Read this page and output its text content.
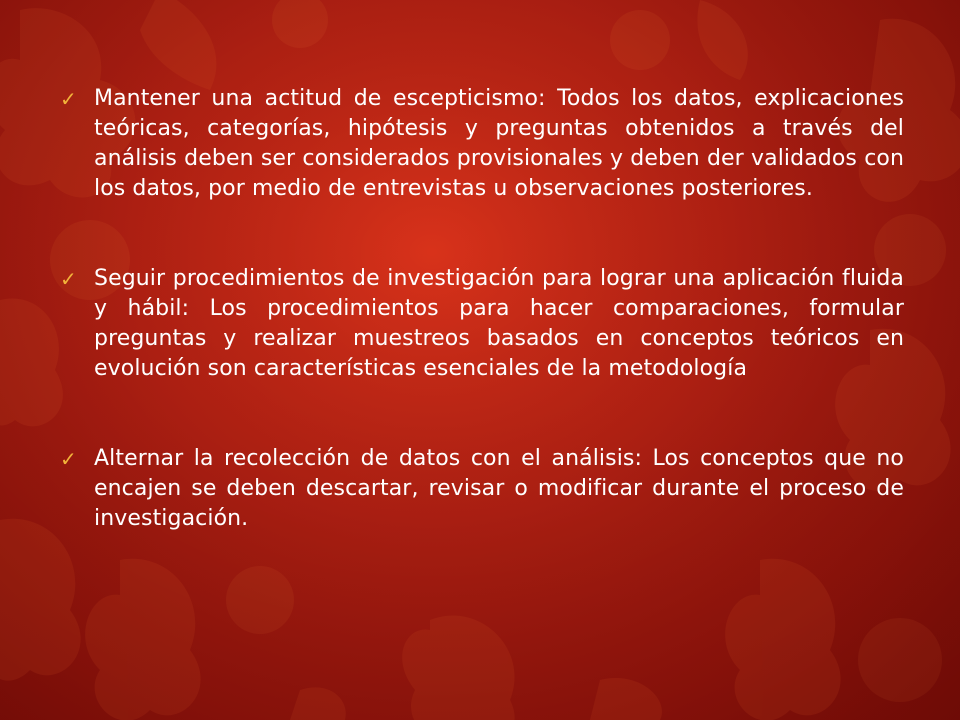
✓ Mantener una actitud de escepticismo: Todos los datos, explicaciones teóricas, categorías, hipótesis y preguntas obtenidos a través del análisis deben ser considerados provisionales y deben der validados con los datos, por medio de entrevistas u observaciones posteriores.
✓ Seguir procedimientos de investigación para lograr una aplicación fluida y hábil: Los procedimientos para hacer comparaciones, formular preguntas y realizar muestreos basados en conceptos teóricos en evolución son características esenciales de la metodología
✓ Alternar la recolección de datos con el análisis: Los conceptos que no encajen se deben descartar, revisar o modificar durante el proceso de investigación.
